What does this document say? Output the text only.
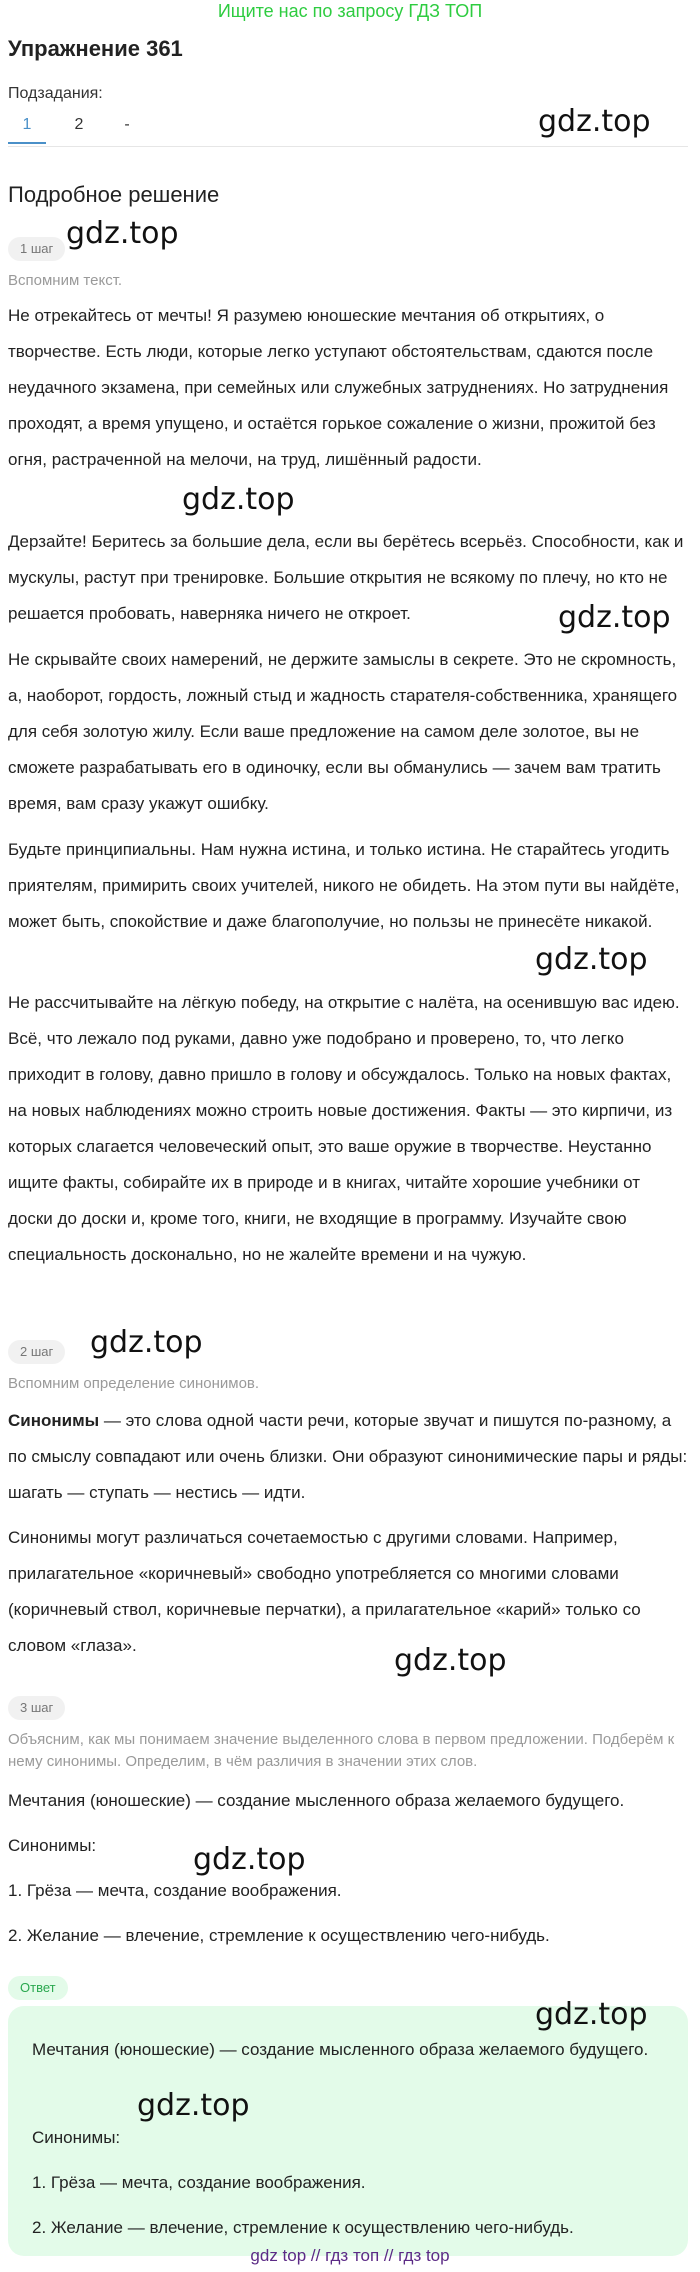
Ищите нас по запросу ГДЗ ТОП
Упражнение 361
Подзадания:
1	2	-
Подробное решение
1 шаг
Вспомним текст.
Не отрекайтесь от мечты! Я разумею юношеские мечтания об открытиях, о творчестве. Есть люди, которые легко уступают обстоятельствам, сдаются после неудачного экзамена, при семейных или служебных затруднениях. Но затруднения проходят, а время упущено, и остаётся горькое сожаление о жизни, прожитой без огня, растраченной на мелочи, на труд, лишённый радости.
Дерзайте! Беритесь за большие дела, если вы берётесь всерьёз. Способности, как и мускулы, растут при тренировке. Большие открытия не всякому по плечу, но кто не решается пробовать, наверняка ничего не откроет.
Не скрывайте своих намерений, не держите замыслы в секрете. Это не скромность, а, наоборот, гордость, ложный стыд и жадность старателя-собственника, хранящего для себя золотую жилу. Если ваше предложение на самом деле золотое, вы не сможете разрабатывать его в одиночку, если вы обманулись — зачем вам тратить время, вам сразу укажут ошибку.
Будьте принципиальны. Нам нужна истина, и только истина. Не старайтесь угодить приятелям, примирить своих учителей, никого не обидеть. На этом пути вы найдёте, может быть, спокойствие и даже благополучие, но пользы не принесёте никакой.
Не рассчитывайте на лёгкую победу, на открытие с налёта, на осенившую вас идею. Всё, что лежало под руками, давно уже подобрано и проверено, то, что легко приходит в голову, давно пришло в голову и обсуждалось. Только на новых фактах, на новых наблюдениях можно строить новые достижения. Факты — это кирпичи, из которых слагается человеческий опыт, это ваше оружие в творчестве. Неустанно ищите факты, собирайте их в природе и в книгах, читайте хорошие учебники от доски до доски и, кроме того, книги, не входящие в программу. Изучайте свою специальность досконально, но не жалейте времени и на чужую.
2 шаг
Вспомним определение синонимов.
Синонимы — это слова одной части речи, которые звучат и пишутся по-разному, а по смыслу совпадают или очень близки. Они образуют синонимические пары и ряды: шагать — ступать — нестись — идти.
Синонимы могут различаться сочетаемостью с другими словами. Например, прилагательное «коричневый» свободно употребляется со многими словами (коричневый ствол, коричневые перчатки), а прилагательное «карий» только со словом «глаза».
3 шаг
Объясним, как мы понимаем значение выделенного слова в первом предложении. Подберём к нему синонимы. Определим, в чём различия в значении этих слов.
Мечтания (юношеские) — создание мысленного образа желаемого будущего.
Синонимы:
1. Грёза — мечта, создание воображения.
2. Желание — влечение, стремление к осуществлению чего-нибудь.
Ответ
Мечтания (юношеские) — создание мысленного образа желаемого будущего.
Синонимы:
1. Грёза — мечта, создание воображения.
2. Желание — влечение, стремление к осуществлению чего-нибудь.
gdz.top
gdz.top
gdz.top
gdz.top
gdz.top
gdz.top
gdz.top
gdz.top
gdz.top
gdz.top
gdz top // гдз топ // гдз top
